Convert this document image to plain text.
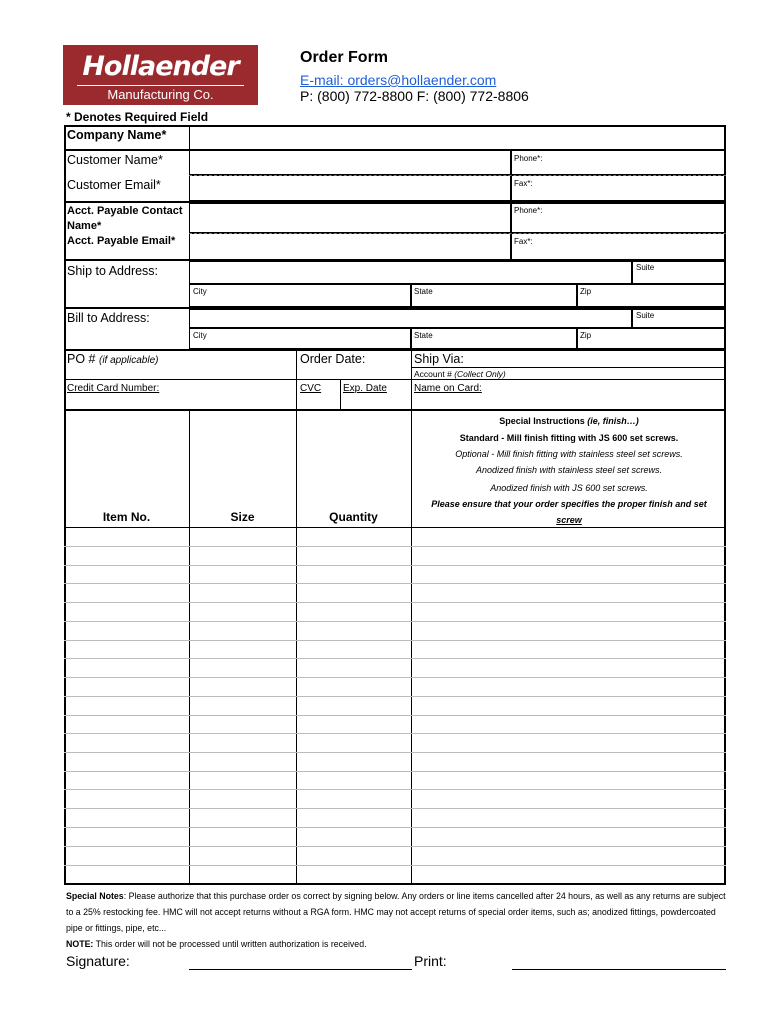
Hollaender
Manufacturing Co.
Order Form
E-mail: orders@hollaender.com
P: (800) 772-8800 F: (800) 772-8806
* Denotes Required Field
Company Name*
Customer Name*
Customer Email*
Phone*:
Fax*:
Acct. Payable Contact
Name*
Acct. Payable Email*
Phone*:
Fax*:
Ship to Address:	Suite
City	State	Zip
Bill to Address:	Suite
City	State	Zip
PO # (if applicable)	Order Date:	Ship Via:
Account # (Collect Only)
Credit Card Number:	CVC Exp. Date	Name on Card:
Special Instructions (ie, finish…)
Standard - Mill finish fitting with JS 600 set screws.
Optional - Mill finish fitting with stainless steel set screws.
Anodized finish with stainless steel set screws.
Anodized finish with JS 600 set screws.
Please ensure that your order specifies the proper finish and set
screw
Item No.	Size	Quantity
Special Notes: Please authorize that this purchase order os correct by signing below. Any orders or line items cancelled after 24 hours, as well as any returns are subject to a 25% restocking fee. HMC will not accept returns without a RGA form. HMC may not accept returns of special order items, such as; anodized fittings, powdercoated pipe or fittings, pipe, etc...
NOTE: This order will not be processed until written authorization is received.
Signature:	Print:
